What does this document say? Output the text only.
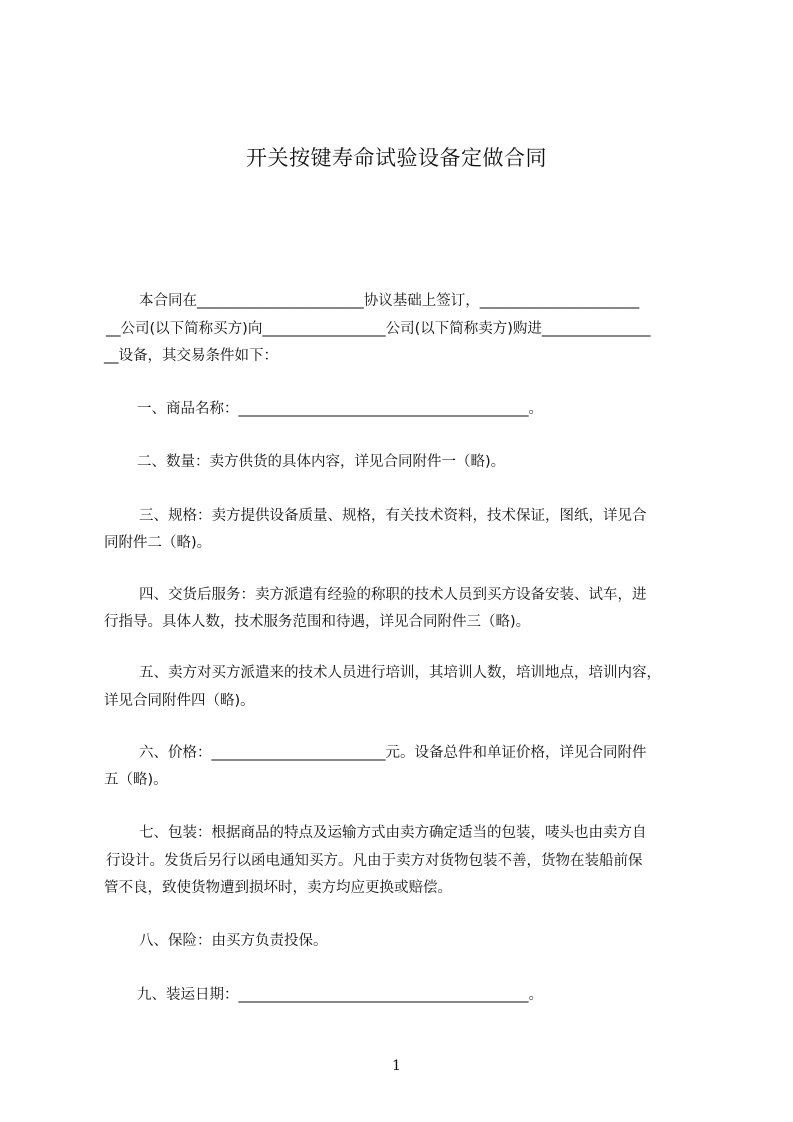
开关按键寿命试验设备定做合同
本合同在_______________________协议基础上签订，______________________
__公司(以下简称买方)向_________________公司(以下简称卖方)购进_______________
__设备，其交易条件如下：
一、商品名称：________________________________________。
二、数量：卖方供货的具体内容，详见合同附件一（略)。
三、规格：卖方提供设备质量、规格，有关技术资料，技术保证，图纸，详见合
同附件二（略)。
四、交货后服务：卖方派遣有经验的称职的技术人员到买方设备安装、试车，进
行指导。具体人数，技术服务范围和待遇，详见合同附件三（略)。
五、卖方对买方派遣来的技术人员进行培训，其培训人数，培训地点，培训内容，
详见合同附件四（略)。
六、价格：________________________元。设备总件和单证价格，详见合同附件
五（略)。
七、包装：根据商品的特点及运输方式由卖方确定适当的包装，唛头也由卖方自
行设计。发货后另行以函电通知买方。凡由于卖方对货物包装不善，货物在装船前保
管不良，致使货物遭到损坏时，卖方均应更换或赔偿。
八、保险：由买方负责投保。
九、装运日期：________________________________________。
1
